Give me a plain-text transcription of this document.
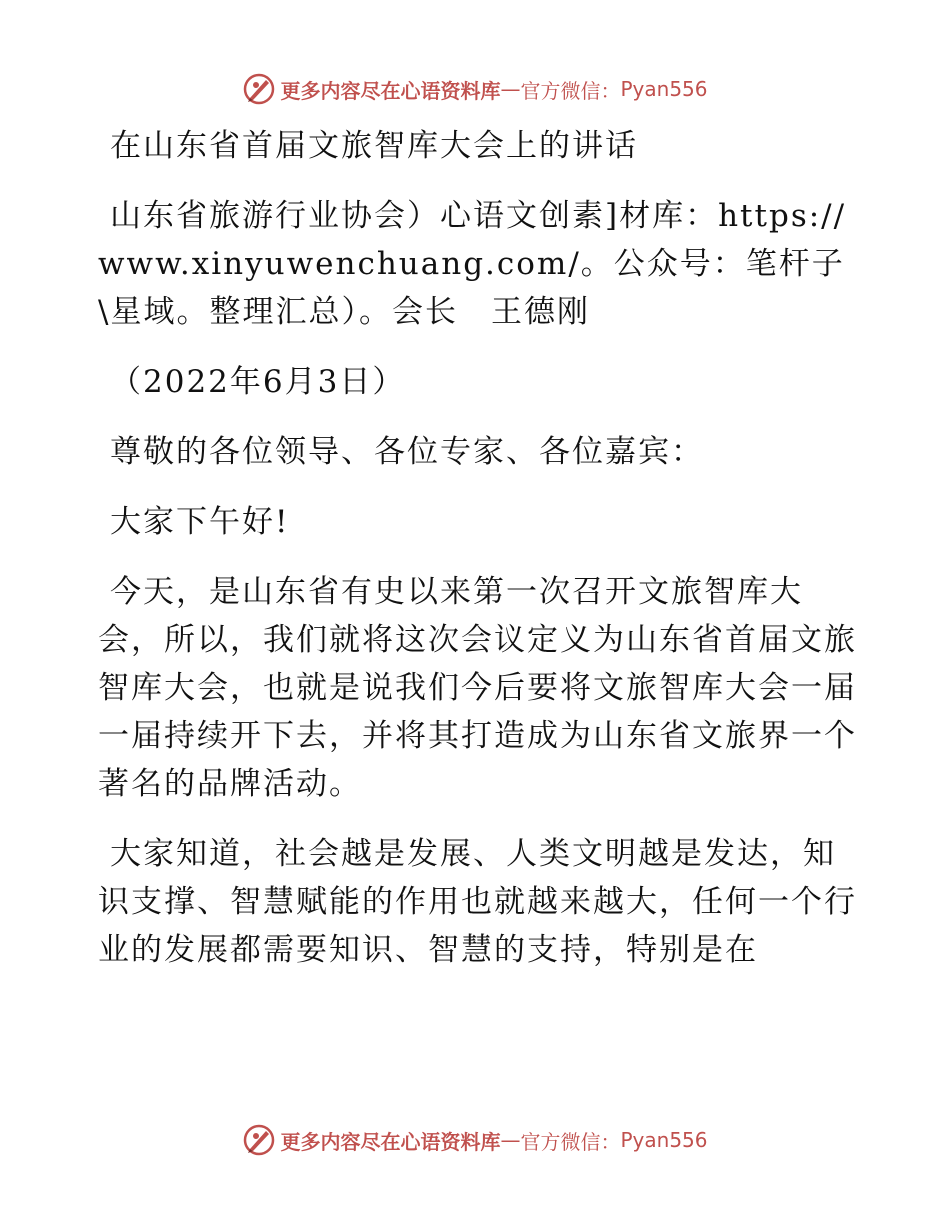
更多内容尽在心语资料库 — 官方微信： Pyan556

在山东省首届文旅智库大会上的讲话

山东省旅游行业协会）心语文创素]材库：https://www.xinyuwenchuang.com/。公众号：笔杆子\星域。整理汇总）。会长　王德刚

（2022年6月3日）

尊敬的各位领导、各位专家、各位嘉宾：

大家下午好!

今天，是山东省有史以来第一次召开文旅智库大会，所以，我们就将这次会议定义为山东省首届文旅智库大会，也就是说我们今后要将文旅智库大会一届一届持续开下去，并将其打造成为山东省文旅界一个著名的品牌活动。

大家知道，社会越是发展、人类文明越是发达，知识支撑、智慧赋能的作用也就越来越大，任何一个行业的发展都需要知识、智慧的支持，特别是在

更多内容尽在心语资料库 — 官方微信： Pyan556
